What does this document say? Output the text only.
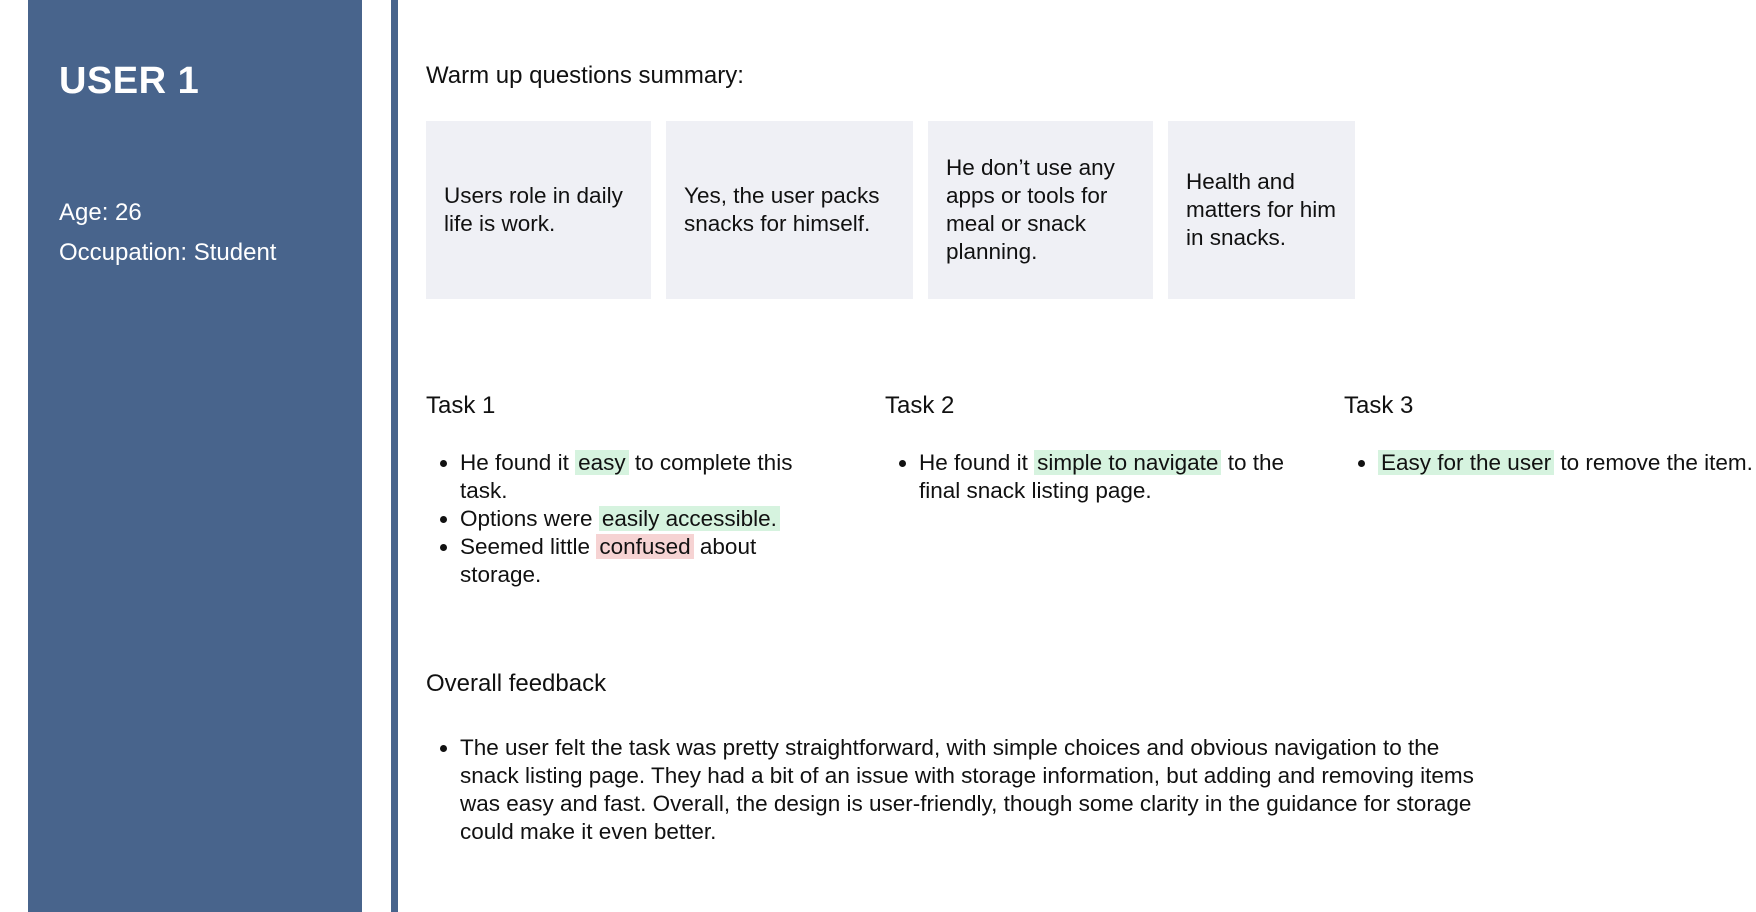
USER 1
Age: 26
Occupation: Student
Warm up questions summary:
Users role in daily life is work.
Yes, the user packs snacks for himself.
He don’t use any apps or tools for meal or snack planning.
Health and matters for him in snacks.
Task 1
• He found it easy to complete this task.
• Options were easily accessible.
• Seemed little confused about storage.
Task 2
• He found it simple to navigate to the final snack listing page.
Task 3
• Easy for the user to remove the item.
Overall feedback
• The user felt the task was pretty straightforward, with simple choices and obvious navigation to the snack listing page. They had a bit of an issue with storage information, but adding and removing items was easy and fast. Overall, the design is user-friendly, though some clarity in the guidance for storage could make it even better.
